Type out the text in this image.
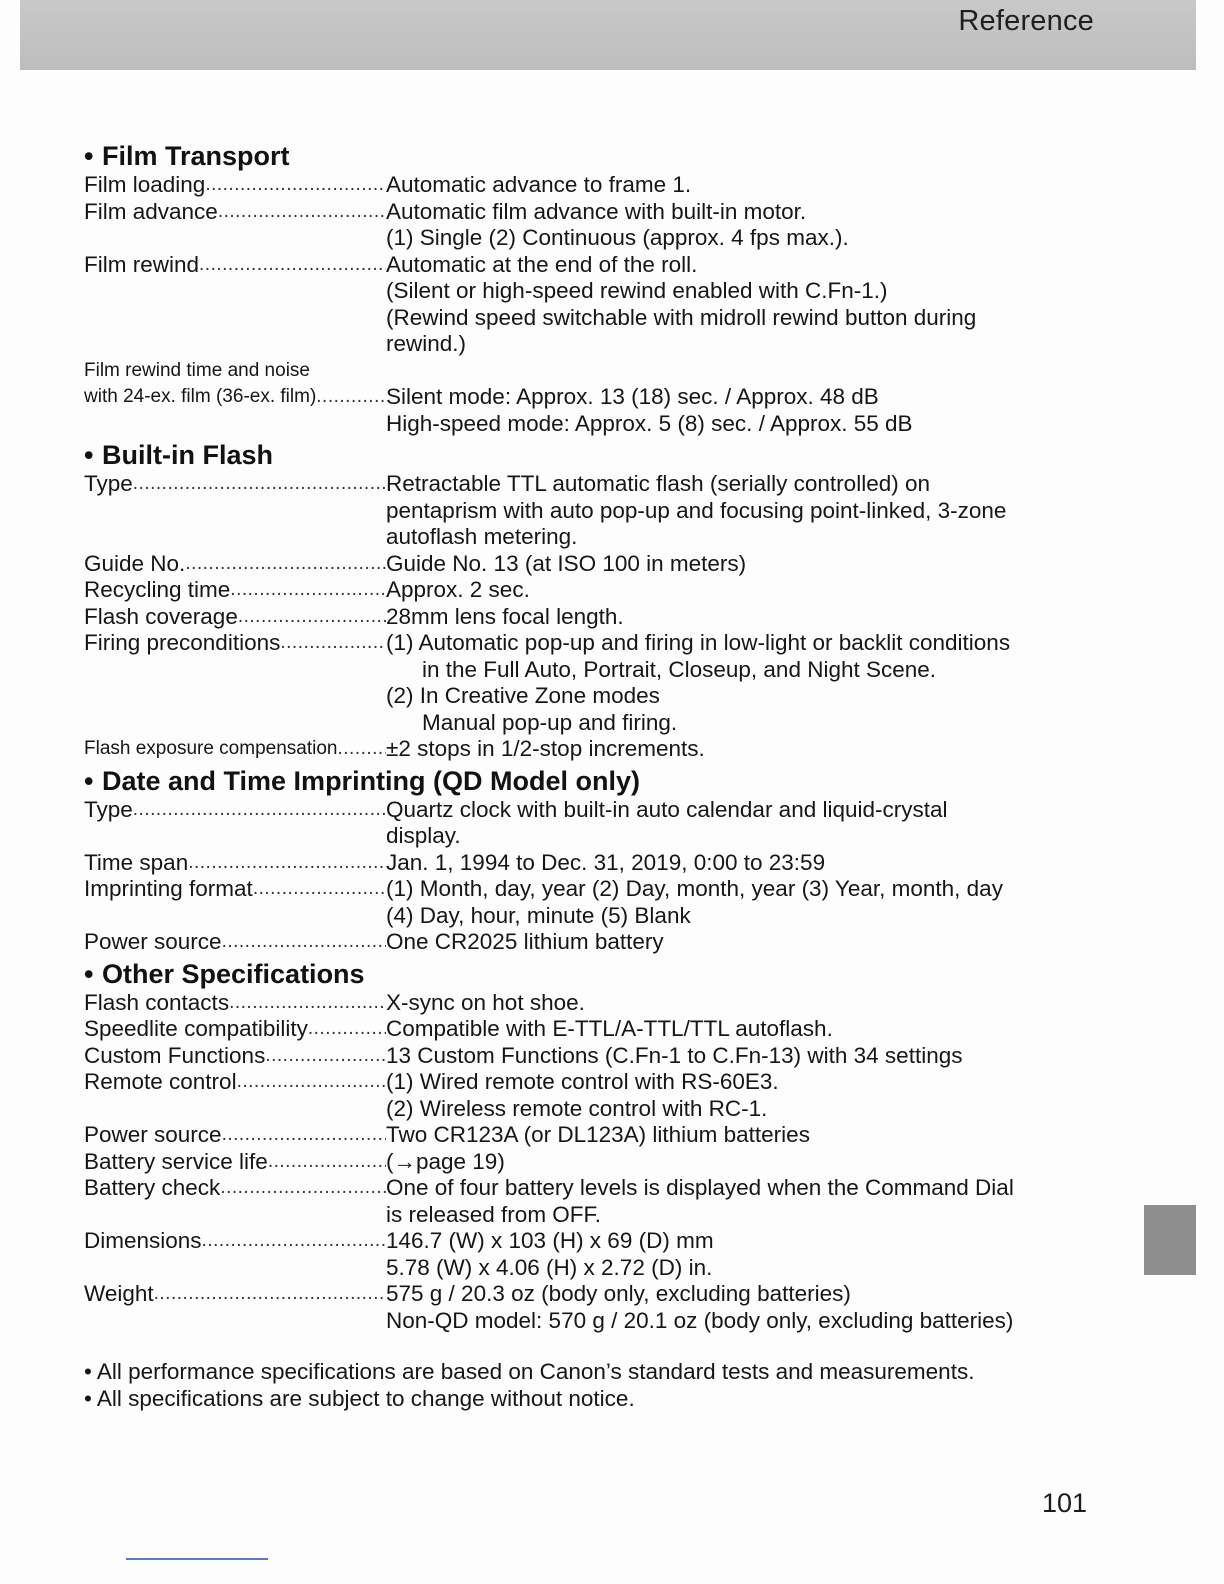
Reference
• Film Transport
Film loading .....	Automatic advance to frame 1.
Film advance .....	Automatic film advance with built-in motor.
(1) Single (2) Continuous (approx. 4 fps max.).
Film rewind .....	Automatic at the end of the roll.
(Silent or high-speed rewind enabled with C.Fn-1.)
(Rewind speed switchable with midroll rewind button during
rewind.)
Film rewind time and noise
with 24-ex. film (36-ex. film) .....	Silent mode: Approx. 13 (18) sec. / Approx. 48 dB
High-speed mode: Approx. 5 (8) sec. / Approx. 55 dB
• Built-in Flash
Type .....	Retractable TTL automatic flash (serially controlled) on
pentaprism with auto pop-up and focusing point-linked, 3-zone
autoflash metering.
Guide No. .....	Guide No. 13 (at ISO 100 in meters)
Recycling time .....	Approx. 2 sec.
Flash coverage .....	28mm lens focal length.
Firing preconditions .....	(1) Automatic pop-up and firing in low-light or backlit conditions
in the Full Auto, Portrait, Closeup, and Night Scene.
(2) In Creative Zone modes
Manual pop-up and firing.
Flash exposure compensation ..... ±2 stops in 1/2-stop increments.
• Date and Time Imprinting (QD Model only)
Type .....	Quartz clock with built-in auto calendar and liquid-crystal
display.
Time span .....	Jan. 1, 1994 to Dec. 31, 2019, 0:00 to 23:59
Imprinting format .....	(1) Month, day, year (2) Day, month, year (3) Year, month, day
(4) Day, hour, minute (5) Blank
Power source .....	One CR2025 lithium battery
• Other Specifications
Flash contacts .....	X-sync on hot shoe.
Speedlite compatibility .....	Compatible with E-TTL/A-TTL/TTL autoflash.
Custom Functions .....	13 Custom Functions (C.Fn-1 to C.Fn-13) with 34 settings
Remote control .....	(1) Wired remote control with RS-60E3.
(2) Wireless remote control with RC-1.
Power source .....	Two CR123A (or DL123A) lithium batteries
Battery service life .....	(→page 19)
Battery check .....	One of four battery levels is displayed when the Command Dial
is released from OFF.
Dimensions .....	146.7 (W) x 103 (H) x 69 (D) mm
5.78 (W) x 4.06 (H) x 2.72 (D) in.
Weight .....	575 g / 20.3 oz (body only, excluding batteries)
Non-QD model: 570 g / 20.1 oz (body only, excluding batteries)
• All performance specifications are based on Canon’s standard tests and measurements.
• All specifications are subject to change without notice.
101
